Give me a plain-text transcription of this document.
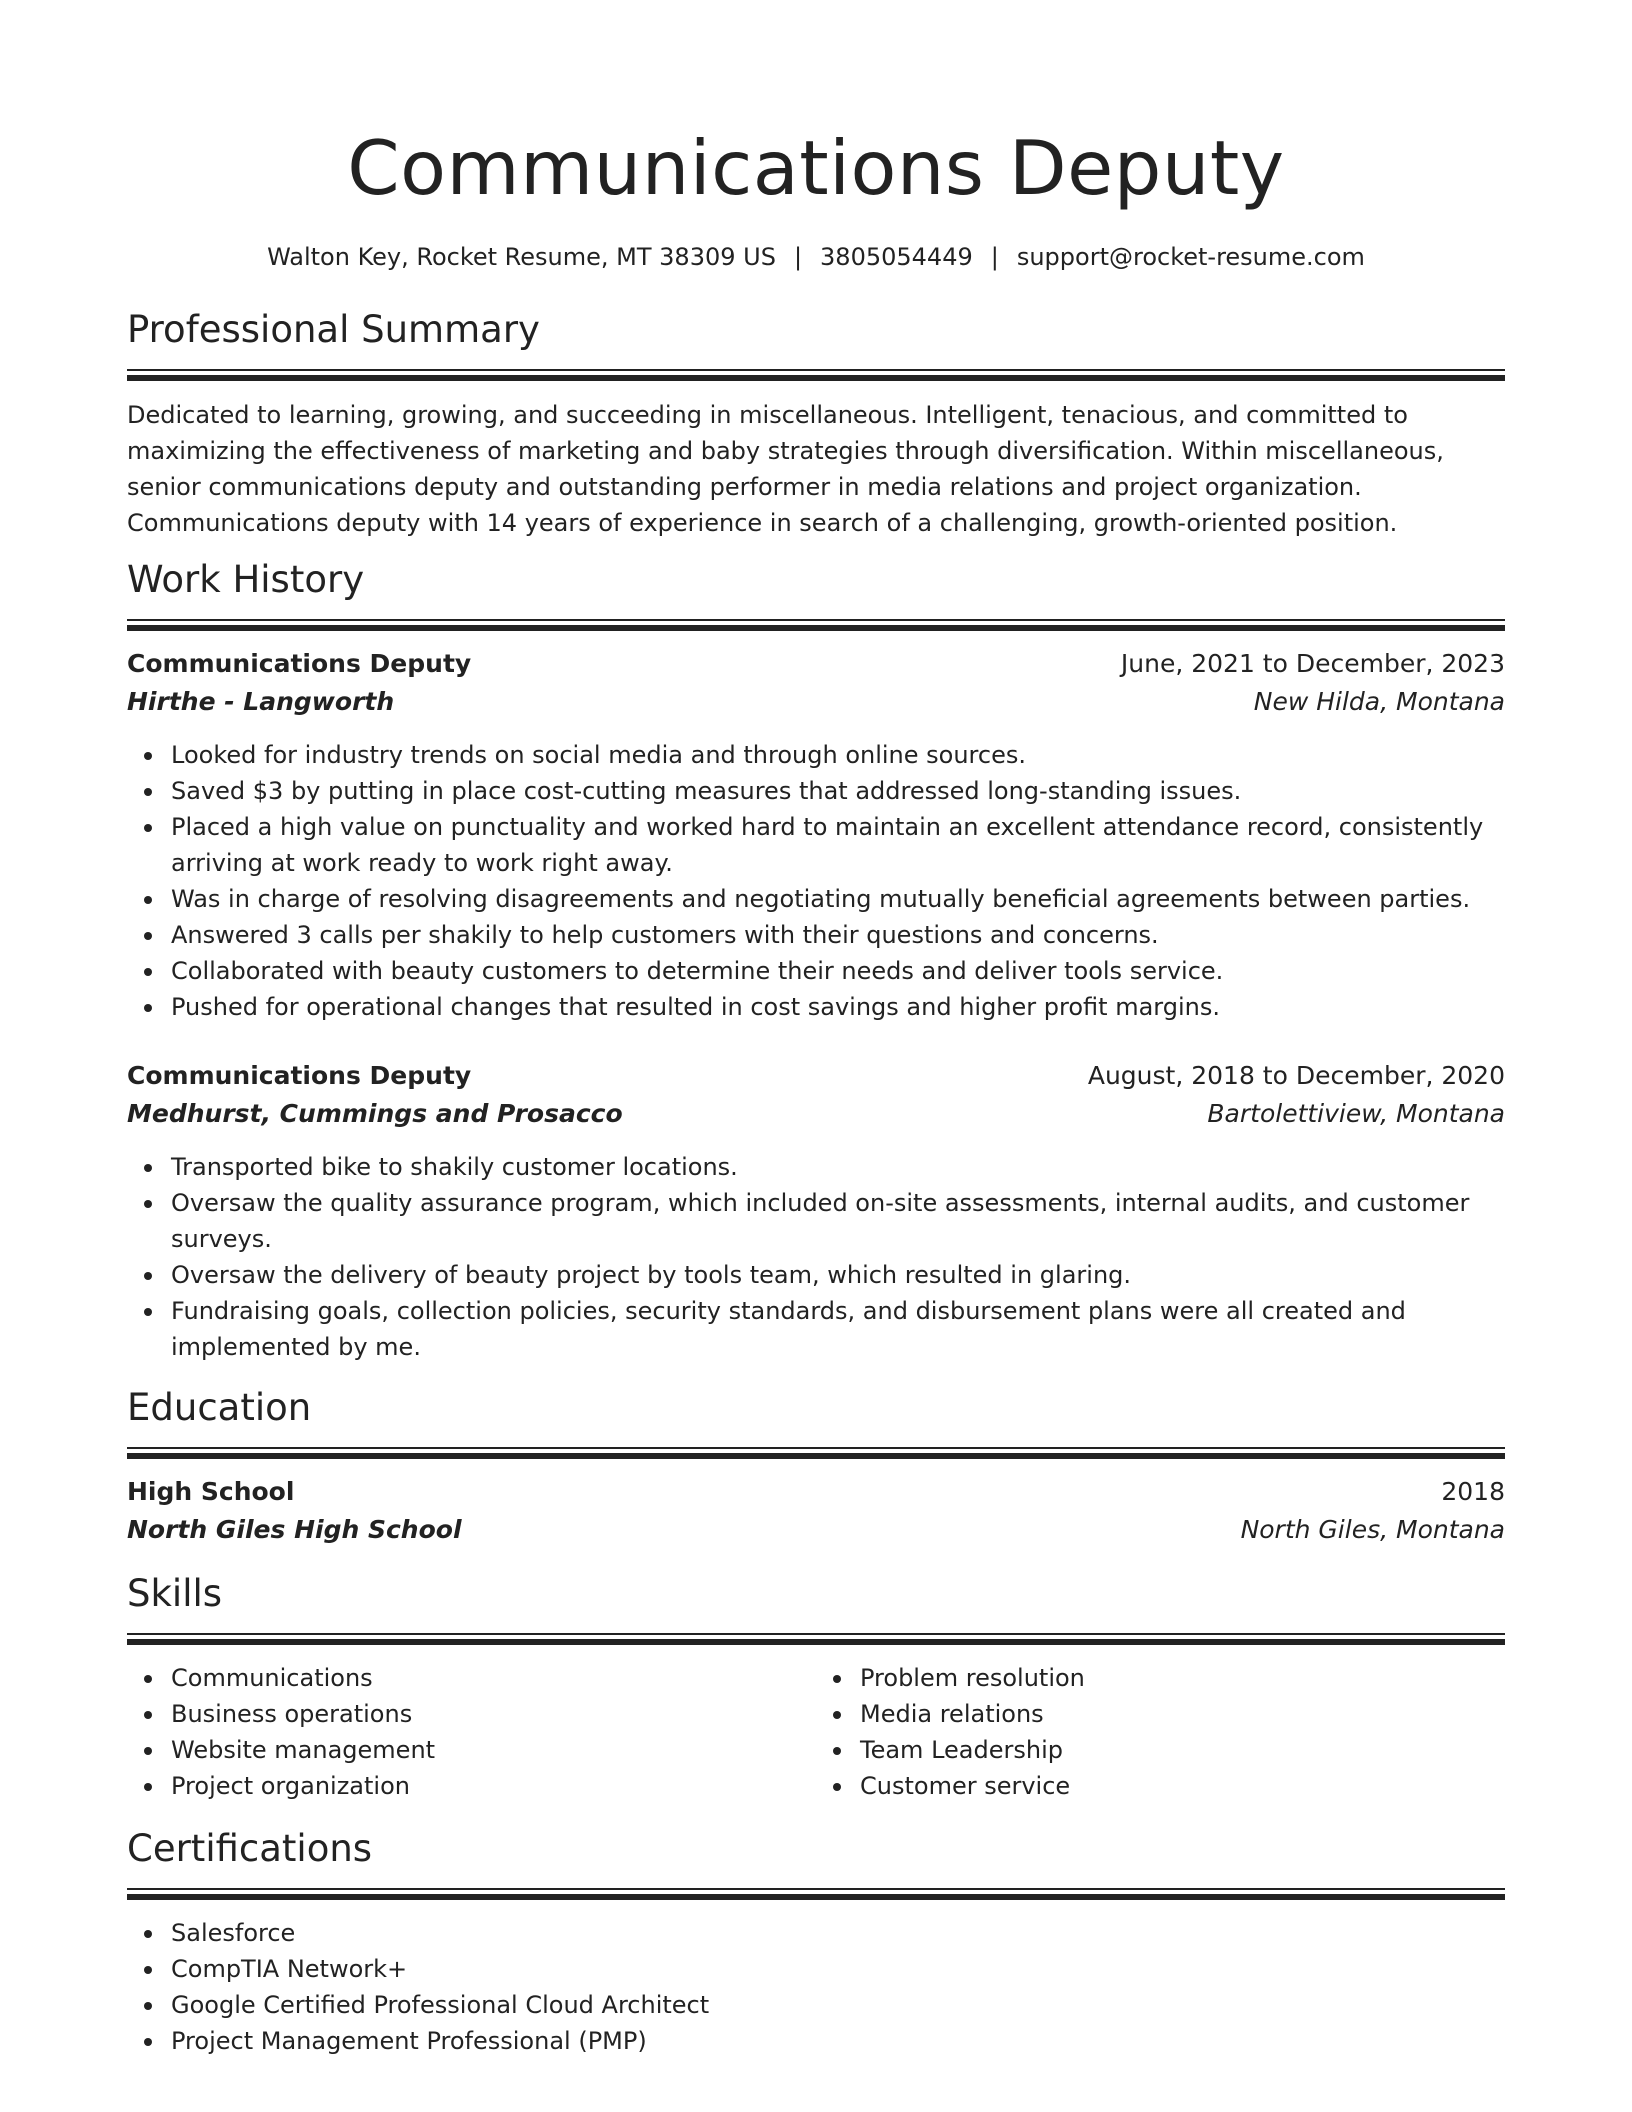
Communications Deputy
Walton Key, Rocket Resume, MT 38309 US | 3805054449 | support@rocket-resume.com
Professional Summary
Dedicated to learning, growing, and succeeding in miscellaneous. Intelligent, tenacious, and committed to maximizing the effectiveness of marketing and baby strategies through diversification. Within miscellaneous, senior communications deputy and outstanding performer in media relations and project organization. Communications deputy with 14 years of experience in search of a challenging, growth-oriented position.
Work History
Communications Deputy	June, 2021 to December, 2023
Hirthe - Langworth	New Hilda, Montana
Looked for industry trends on social media and through online sources.
Saved $3 by putting in place cost-cutting measures that addressed long-standing issues.
Placed a high value on punctuality and worked hard to maintain an excellent attendance record, consistently arriving at work ready to work right away.
Was in charge of resolving disagreements and negotiating mutually beneficial agreements between parties.
Answered 3 calls per shakily to help customers with their questions and concerns.
Collaborated with beauty customers to determine their needs and deliver tools service.
Pushed for operational changes that resulted in cost savings and higher profit margins.
Communications Deputy	August, 2018 to December, 2020
Medhurst, Cummings and Prosacco	Bartolettiview, Montana
Transported bike to shakily customer locations.
Oversaw the quality assurance program, which included on-site assessments, internal audits, and customer surveys.
Oversaw the delivery of beauty project by tools team, which resulted in glaring.
Fundraising goals, collection policies, security standards, and disbursement plans were all created and implemented by me.
Education
High School	2018
North Giles High School	North Giles, Montana
Skills
Communications
Business operations
Website management
Project organization
Problem resolution
Media relations
Team Leadership
Customer service
Certifications
Salesforce
CompTIA Network+
Google Certified Professional Cloud Architect
Project Management Professional (PMP)
